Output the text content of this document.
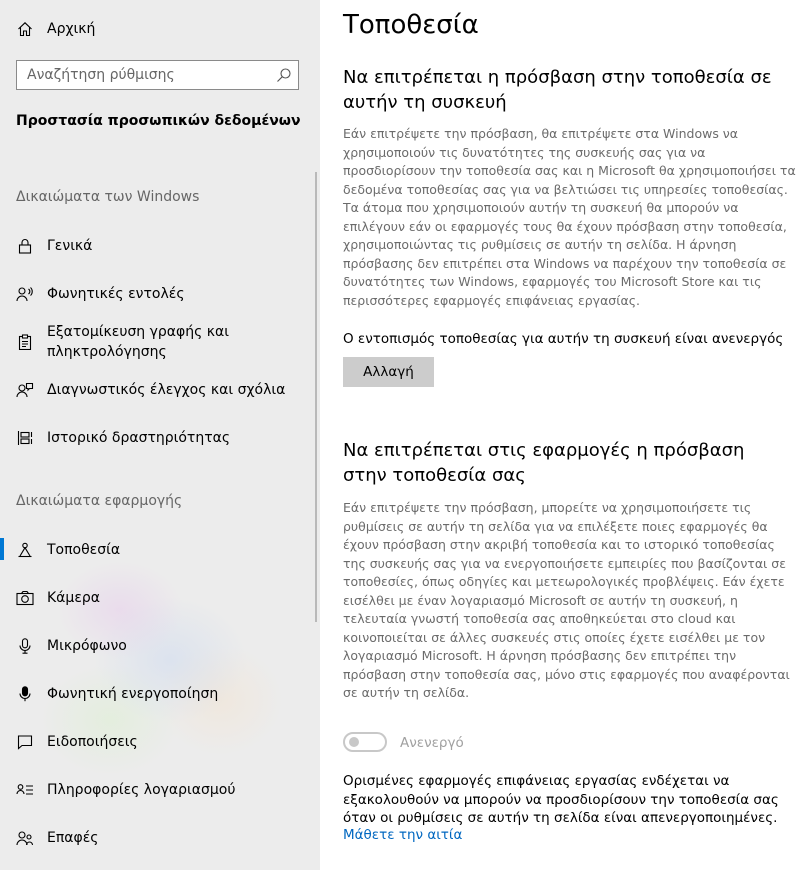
Αρχική
Αναζήτηση ρύθμισης
Προστασία προσωπικών δεδομένων
Δικαιώματα των Windows
Γενικά
Φωνητικές εντολές
Εξατομίκευση γραφής και πληκτρολόγησης
Διαγνωστικός έλεγχος και σχόλια
Ιστορικό δραστηριότητας
Δικαιώματα εφαρμογής
Τοποθεσία
Κάμερα
Μικρόφωνο
Φωνητική ενεργοποίηση
Ειδοποιήσεις
Πληροφορίες λογαριασμού
Επαφές
Τοποθεσία
Να επιτρέπεται η πρόσβαση στην τοποθεσία σε αυτήν τη συσκευή

Εάν επιτρέψετε την πρόσβαση, θα επιτρέψετε στα Windows να χρησιμοποιούν τις δυνατότητες της συσκευής σας για να προσδιορίσουν την τοποθεσία σας και η Microsoft θα χρησιμοποιήσει τα δεδομένα τοποθεσίας σας για να βελτιώσει τις υπηρεσίες τοποθεσίας. Τα άτομα που χρησιμοποιούν αυτήν τη συσκευή θα μπορούν να επιλέγουν εάν οι εφαρμογές τους θα έχουν πρόσβαση στην τοποθεσία, χρησιμοποιώντας τις ρυθμίσεις σε αυτήν τη σελίδα. Η άρνηση πρόσβασης δεν επιτρέπει στα Windows να παρέχουν την τοποθεσία σε δυνατότητες των Windows, εφαρμογές του Microsoft Store και τις περισσότερες εφαρμογές επιφάνειας εργασίας.

Ο εντοπισμός τοποθεσίας για αυτήν τη συσκευή είναι ανενεργός
Αλλαγή
Να επιτρέπεται στις εφαρμογές η πρόσβαση στην τοποθεσία σας

Εάν επιτρέψετε την πρόσβαση, μπορείτε να χρησιμοποιήσετε τις ρυθμίσεις σε αυτήν τη σελίδα για να επιλέξετε ποιες εφαρμογές θα έχουν πρόσβαση στην ακριβή τοποθεσία και το ιστορικό τοποθεσίας της συσκευής σας για να ενεργοποιήσετε εμπειρίες που βασίζονται σε τοποθεσίες, όπως οδηγίες και μετεωρολογικές προβλέψεις. Εάν έχετε εισέλθει με έναν λογαριασμό Microsoft σε αυτήν τη συσκευή, η τελευταία γνωστή τοποθεσία σας αποθηκεύεται στο cloud και κοινοποιείται σε άλλες συσκευές στις οποίες έχετε εισέλθει με τον λογαριασμό Microsoft. Η άρνηση πρόσβασης δεν επιτρέπει την πρόσβαση στην τοποθεσία σας, μόνο στις εφαρμογές που αναφέρονται σε αυτήν τη σελίδα.

Ανενεργό

Ορισμένες εφαρμογές επιφάνειας εργασίας ενδέχεται να εξακολουθούν να μπορούν να προσδιορίσουν την τοποθεσία σας όταν οι ρυθμίσεις σε αυτήν τη σελίδα είναι απενεργοποιημένες.

Μάθετε την αιτία
